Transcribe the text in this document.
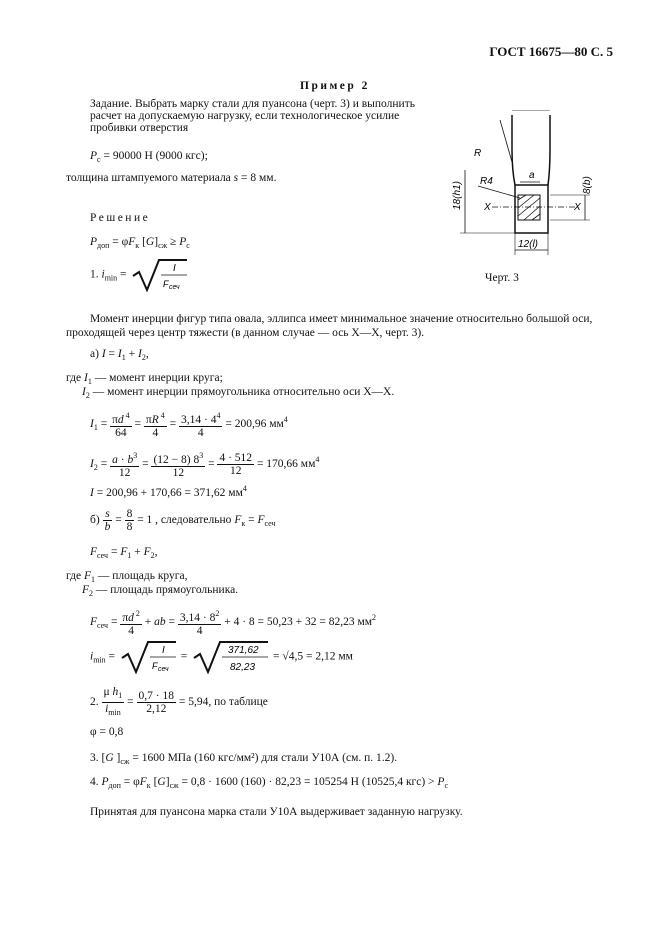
ГОСТ 16675—80 С. 5
Пример 2
Задание. Выбрать марку стали для пуансона (черт. 3) и выполнить расчет на допускаемую нагрузку, если технологическое усилие пробивки отверстия
$P_с = 90000$ Н (9000 кгс);
толщина штампуемого материала s = 8 мм.
Решение
$P_{доп} = \varphi F_к$ $[G]_{сж} \ge P_с$
1. $i_{min}$ =
I
F сеч
X	X
R
R4
a
18(h1)	8(b)
12(l)
Черт. 3
Момент инерции фигур типа овала, эллипса имеет минимальное значение относительно большой оси, проходящей через центр тяжести (в данном случае — ось X—X, черт. 3).
а) $I = I_1 + I_2$,
где $I_1$ — момент инерции круга;
$I_2$ — момент инерции прямоугольника относительно оси X—X.
$I_1 = \frac{\pi d ^4}{64} = \frac{\pi R ^4}{4} = \frac{3,14 \cdot 4^4}{4} = 200,96$ $мм^4$
$I_2 = \frac{a \cdot b^3}{12} = \frac{(12 - 8) 8^3}{12} = \frac{4 \cdot 512}{12} = 170,66$ $мм^4$
I = 200,96 + 170,66 = 371,62 $мм^4$
$б) \frac{s}{b} = \frac{8}{8} = 1$ , следовательно $F_к = F_{сеч}$
$F_{сеч} = F_1 + F_2$,
где $F_1$ — площадь круга,
$F_2$ — площадь прямоугольника.
$F_{сеч} = \frac{\pi d ^2}{4}$ + ab = $\frac{3,14 \cdot 8^2}{4} + 4 \cdot 8 = 50,23 + 32 = 82,23$ $мм^2$
$i_{min}$ =
I
F сеч
=
371,62
82,23
= √4,5 = 2,12 мм
2. $\frac{\mu h_1}{i_{min}} = \frac{0,7 \cdot 18}{2,12} = 5,94$, по таблице
φ = 0,8
3. [G ]$_{сж} = 1600$ МПа (160 кгс/мм²) для стали У10А (см. п. 1.2).
4. $P_{доп} = \varphi F_к$ $[G]_{сж} = 0,8 \cdot 1600$ (160) · 82,23 = 105254 Н (10525,4 $кгс) > P_с$
Принятая для пуансона марка стали У10А выдерживает заданную нагрузку.
